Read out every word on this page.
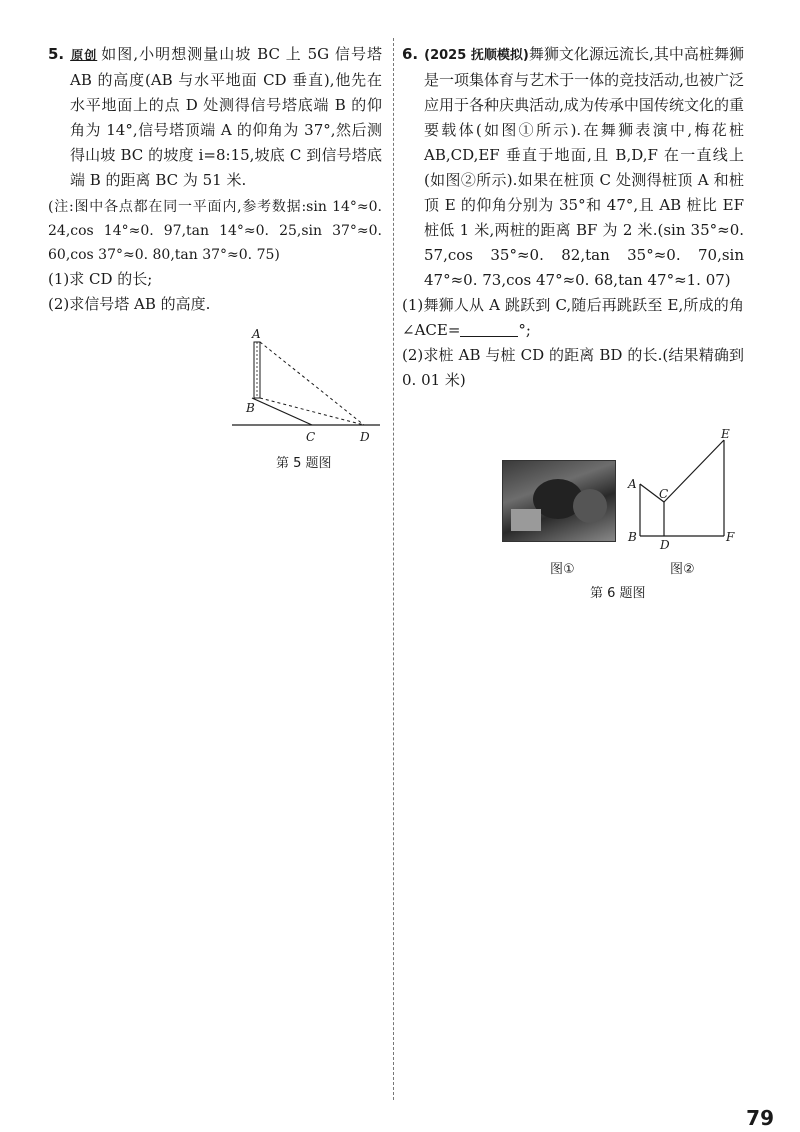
5. 原创 如图,小明想测量山坡 BC 上 5G 信号塔 AB 的高度(AB 与水平地面 CD 垂直),他先在水平地面上的点 D 处测得信号塔底端 B 的仰角为 14°,信号塔顶端 A 的仰角为 37°,然后测得山坡 BC 的坡度 i=8:15,坡底 C 到信号塔底端 B 的距离 BC 为 51 米.

(注:图中各点都在同一平面内,参考数据:sin 14°≈0. 24,cos 14°≈0. 97,tan 14°≈0. 25,sin 37°≈0. 60,cos 37°≈0. 80,tan 37°≈0. 75)

(1)求 CD 的长;

(2)求信号塔 AB 的高度.

A
B
C	D
第 5 题图

6. (2025 抚顺模拟)舞狮文化源远流长,其中高桩舞狮是一项集体育与艺术于一体的竞技活动,也被广泛应用于各种庆典活动,成为传承中国传统文化的重要载体(如图①所示).在舞狮表演中,梅花桩 AB,CD,EF 垂直于地面,且 B,D,F 在一直线上(如图②所示).如果在桩顶 C 处测得桩顶 A 和桩顶 E 的仰角分别为 35°和 47°,且 AB 桩比 EF 桩低 1 米,两桩的距离 BF 为 2 米.(sin 35°≈0. 57,cos 35°≈0. 82,tan 35°≈0. 70,sin 47°≈0. 73,cos 47°≈0. 68,tan 47°≈1. 07)

(1)舞狮人从 A 跳跃到 C,随后再跳跃至 E,所成的角∠ACE=	°;

(2)求桩 AB 与桩 CD 的距离 BD 的长.(结果精确到 0. 01 米)

A
B
C
D
E
F
图①	图②
第 6 题图
79
